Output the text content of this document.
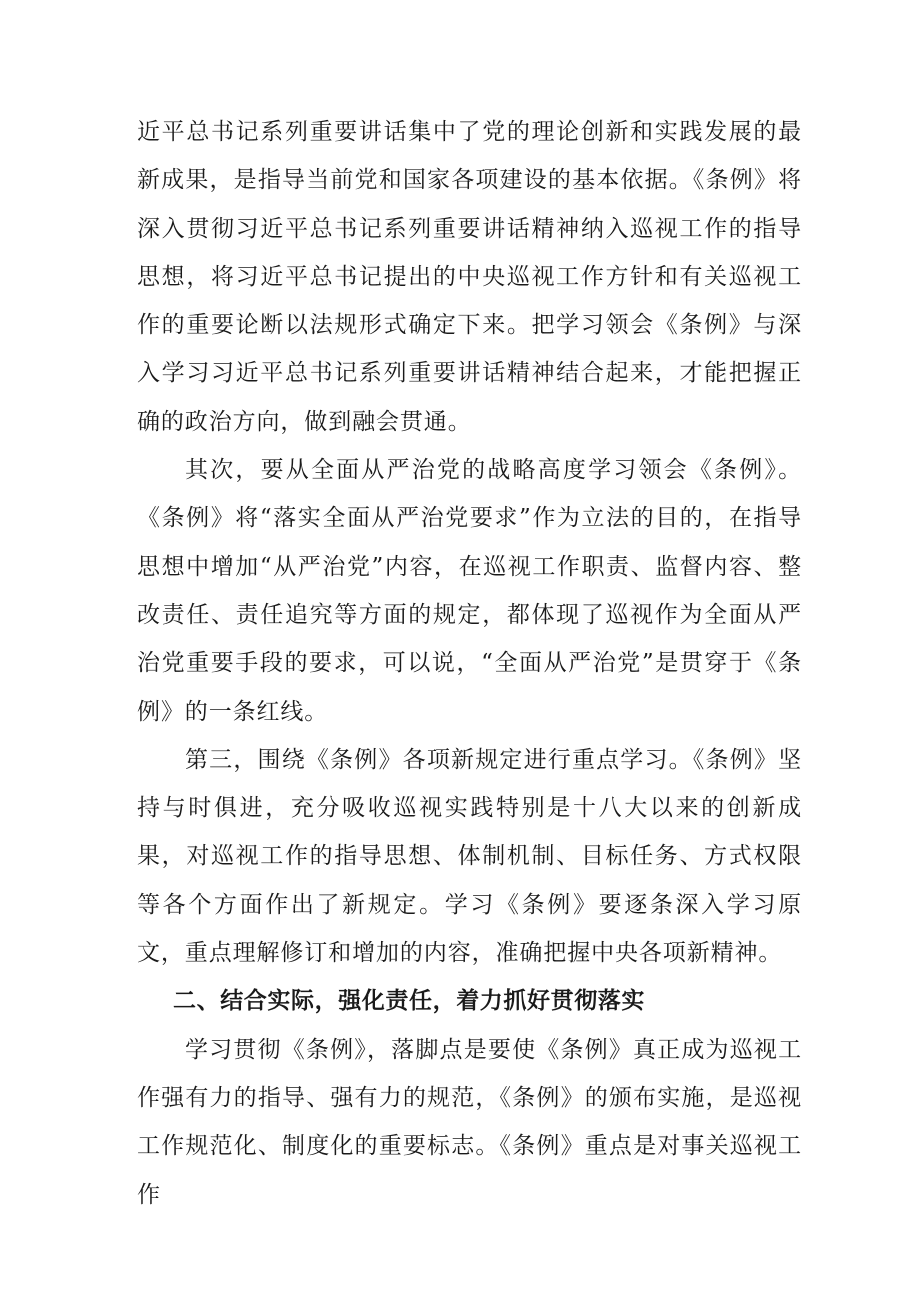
近平总书记系列重要讲话集中了党的理论创新和实践发展的最新成果，是指导当前党和国家各项建设的基本依据。《条例》将深入贯彻习近平总书记系列重要讲话精神纳入巡视工作的指导思想，将习近平总书记提出的中央巡视工作方针和有关巡视工作的重要论断以法规形式确定下来。把学习领会《条例》与深入学习习近平总书记系列重要讲话精神结合起来，才能把握正确的政治方向，做到融会贯通。

其次，要从全面从严治党的战略高度学习领会《条例》。《条例》将“落实全面从严治党要求”作为立法的目的，在指导思想中增加“从严治党”内容，在巡视工作职责、监督内容、整改责任、责任追究等方面的规定，都体现了巡视作为全面从严治党重要手段的要求，可以说，“全面从严治党”是贯穿于《条例》的一条红线。

第三，围绕《条例》各项新规定进行重点学习。《条例》坚持与时俱进，充分吸收巡视实践特别是十八大以来的创新成果，对巡视工作的指导思想、体制机制、目标任务、方式权限等各个方面作出了新规定。学习《条例》要逐条深入学习原文，重点理解修订和增加的内容，准确把握中央各项新精神。

二、结合实际，强化责任，着力抓好贯彻落实

学习贯彻《条例》，落脚点是要使《条例》真正成为巡视工作强有力的指导、强有力的规范，《条例》的颁布实施，是巡视工作规范化、制度化的重要标志。《条例》重点是对事关巡视工作
